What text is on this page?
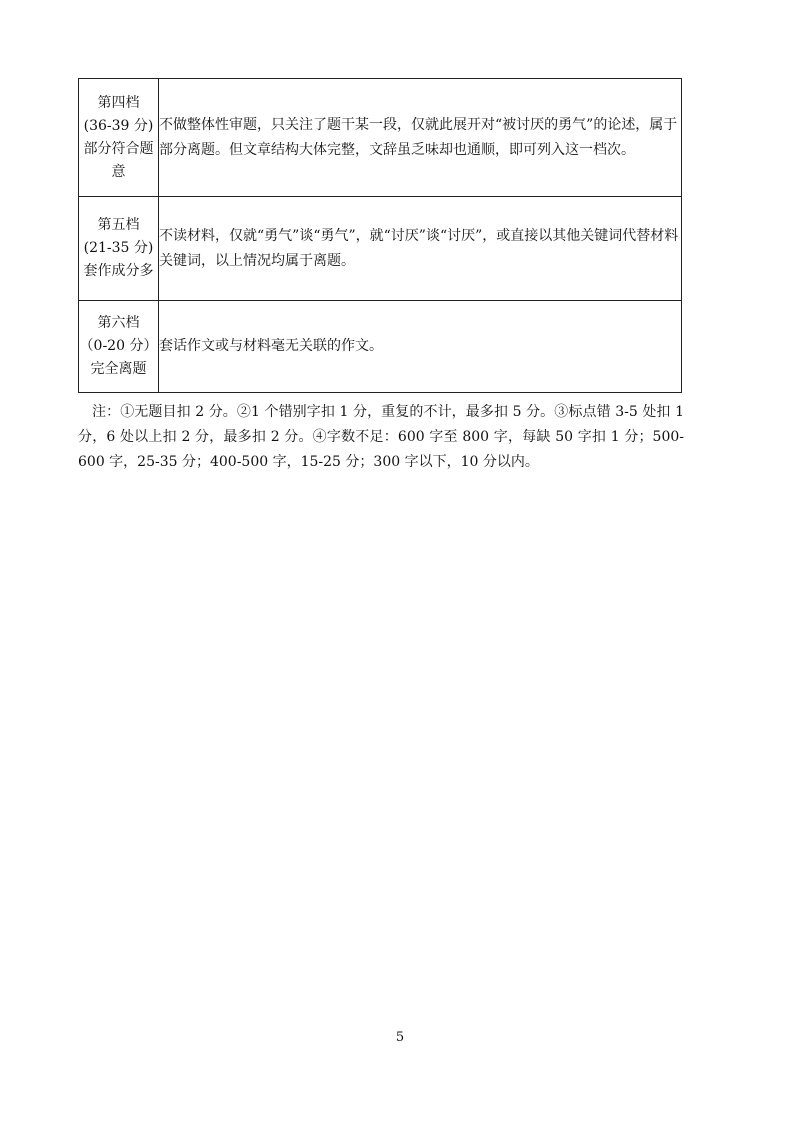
第四档
(36-39 分)
部分符合题
意	不做整体性审题，只关注了题干某一段，仅就此展开对“被讨厌的勇气”的论述，属于部分离题。但文章结构大体完整，文辞虽乏味却也通顺，即可列入这一档次。

第五档
(21-35 分)
套作成分多	不读材料，仅就“勇气”谈“勇气”，就“讨厌”谈“讨厌”，或直接以其他关键词代替材料关键词，以上情况均属于离题。

第六档
（0-20 分）
完全离题	套话作文或与材料毫无关联的作文。

注：①无题目扣 2 分。②1 个错别字扣 1 分，重复的不计，最多扣 5 分。③标点错 3-5 处扣 1 分，6 处以上扣 2 分，最多扣 2 分。④字数不足：600 字至 800 字，每缺 50 字扣 1 分；500-600 字，25-35 分；400-500 字，15-25 分；300 字以下，10 分以内。

5
